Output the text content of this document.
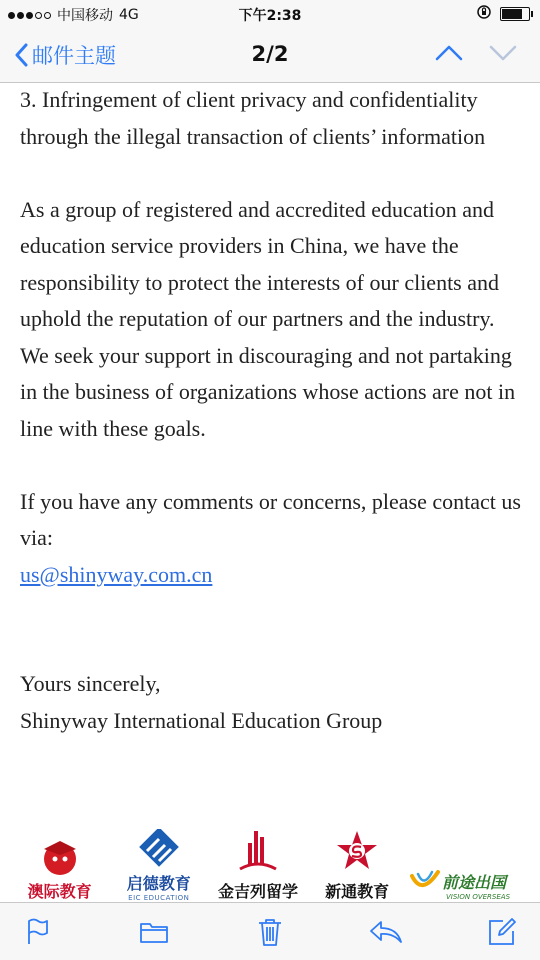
中国移动 4G	下午2:38
邮件主题	2/2

3. Infringement of client privacy and confidentiality through the illegal transaction of clients’ information

As a group of registered and accredited education and education service providers in China, we have the responsibility to protect the interests of our clients and uphold the reputation of our partners and the industry. We seek your support in discouraging and not partaking in the business of organizations whose actions are not in line with these goals.

If you have any comments or concerns, please contact us via:

us@shinyway.com.cn

Yours sincerely,

Shinyway International Education Group

澳际教育 启德教育
EIC EDUCATION 金吉列留学 新通教育	前途出国
VISION OVERSEAS
